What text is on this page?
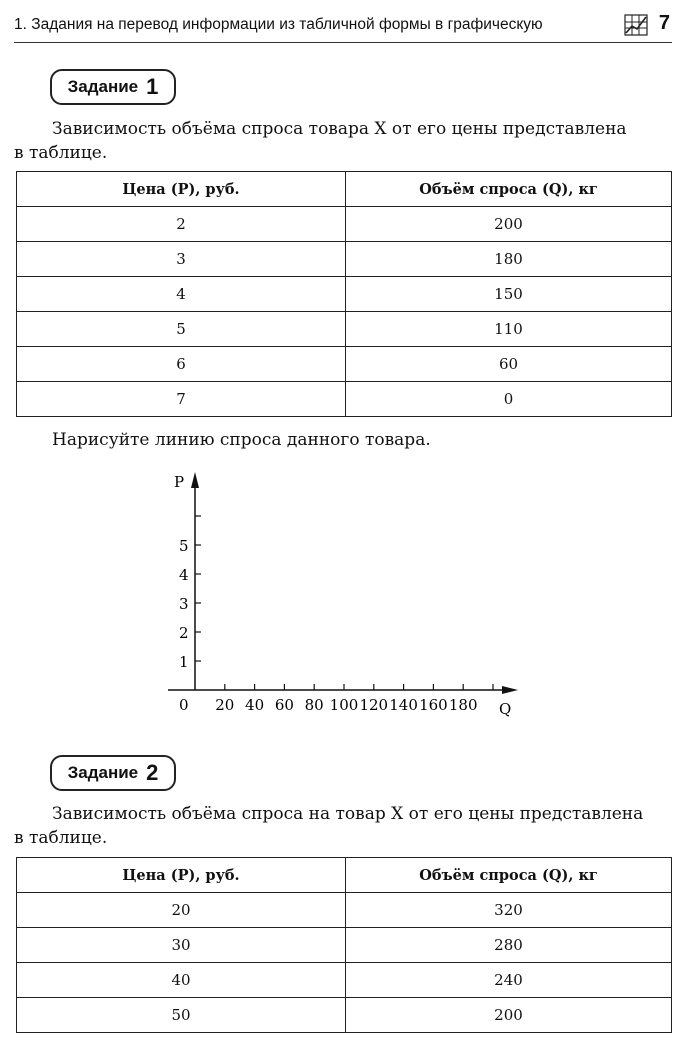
1. Задания на перевод информации из табличной формы в графическую	7
Задание 1
Зависимость объёма спроса товара X от его цены представлена
в таблице.
Цена (P), руб.	Объём спроса (Q), кг
2	200
3	180
4	150
5	110
6	60
7	0
Нарисуйте линию спроса данного товара.
1
2
3
4
5
20 40 60 80 100 120 140 160 180
P
Q
0
Задание 2
Зависимость объёма спроса на товар X от его цены представлена
в таблице.
Цена (P), руб.	Объём спроса (Q), кг
20	320
30	280
40	240
50	200
